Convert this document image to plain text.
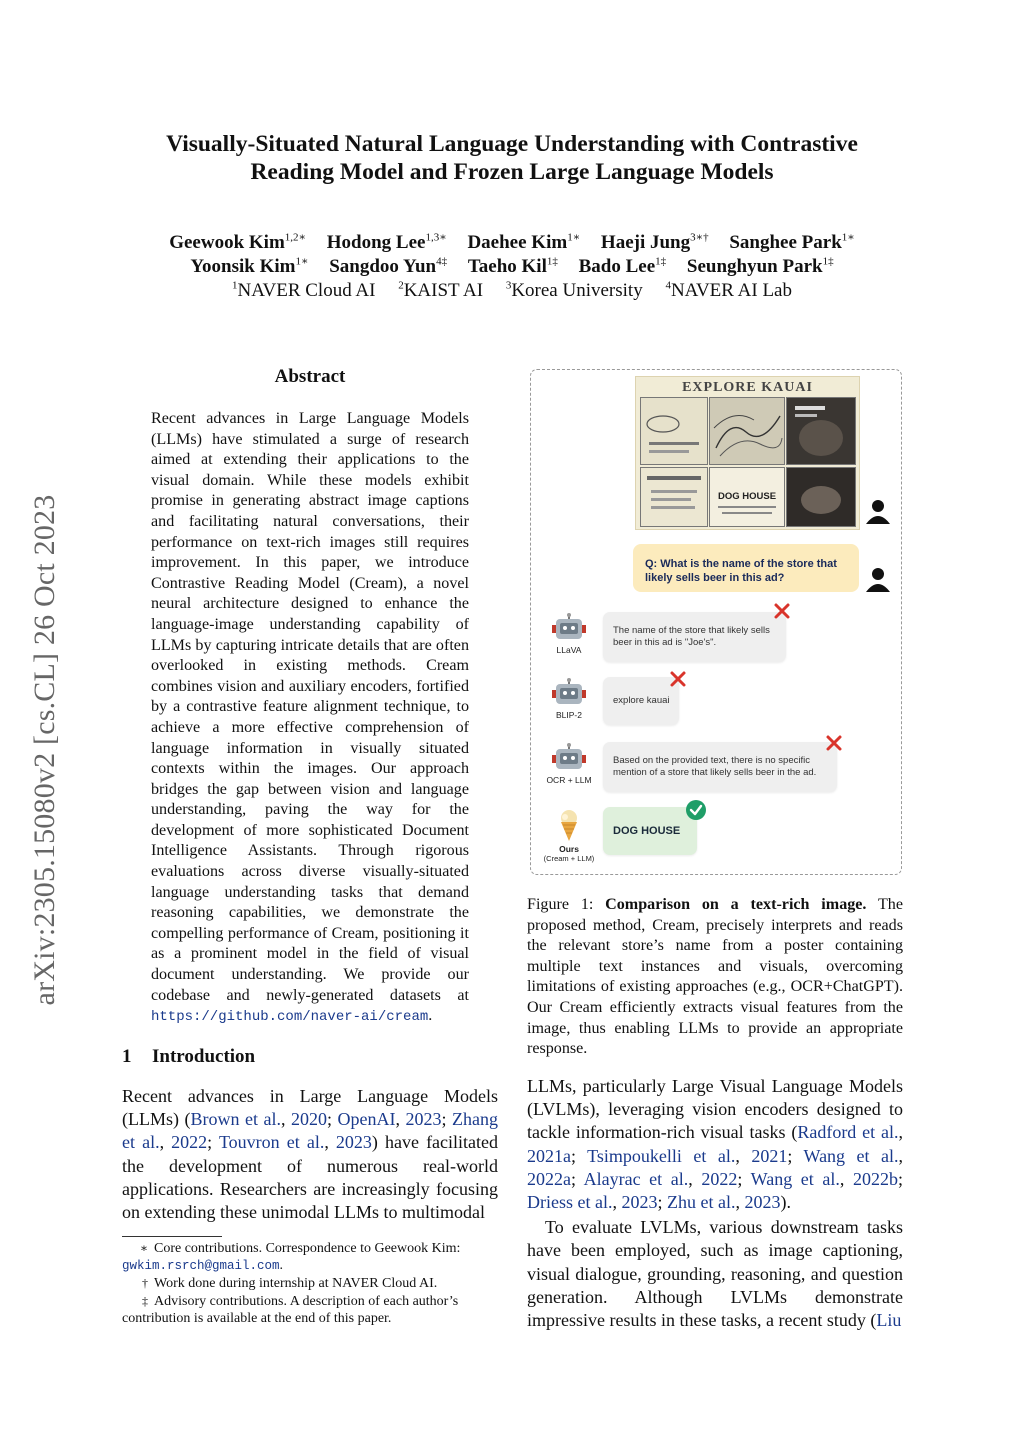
arXiv:2305.15080v2 [cs.CL] 26 Oct 2023
Visually-Situated Natural Language Understanding with Contrastive
Reading Model and Frozen Large Language Models
Geewook Kim$^{1,2∗}$ Hodong Lee$^{1,3∗}$ Daehee Kim$^{1∗}$ Haeji Jung$^{3∗\dagger}$ Sanghee Park$^{1∗}$
Yoonsik Kim$^{1∗}$ Sangdoo Yun$^{4\ddagger}$ Taeho Kil$^{1\ddagger}$ Bado Lee$^{1\ddagger}$ Seunghyun Park$^{1\ddagger}$
$^1$NAVER Cloud AI $^2$KAIST AI $^3$Korea University $^4$NAVER AI Lab
Abstract
Recent advances in Large Language Models (LLMs) have stimulated a surge of research aimed at extending their applications to the visual domain. While these models exhibit promise in generating abstract image captions and facilitating natural conversations, their performance on text-rich images still requires improvement. In this paper, we introduce Contrastive Reading Model (Cream), a novel neural architecture designed to enhance the language-image understanding capability of LLMs by capturing intricate details that are often overlooked in existing methods. Cream combines vision and auxiliary encoders, fortified by a contrastive feature alignment technique, to achieve a more effective comprehension of language information in visually situated contexts within the images. Our approach bridges the gap between vision and language understanding, paving the way for the development of more sophisticated Document Intelligence Assistants. Through rigorous evaluations across diverse visually-situated language understanding tasks that demand reasoning capabilities, we demonstrate the compelling performance of Cream, positioning it as a prominent model in the field of visual document understanding. We provide our codebase and newly-generated datasets at https://github.com/naver-ai/cream.
1 Introduction
Recent advances in Large Language Models (LLMs) (Brown et al., 2020; OpenAI, 2023; Zhang et al., 2022; Touvron et al., 2023) have facilitated the development of numerous real-world applications. Researchers are increasingly focusing on extending these unimodal LLMs to multimodal
∗ Core contributions. Correspondence to Geewook Kim: gwkim.rsrch@gmail.com.
† Work done during internship at NAVER Cloud AI.
‡ Advisory contributions. A description of each author’s contribution is available at the end of this paper.
EXPLORE KAUAI
DOG HOUSE
Q: What is the name of the store that likely sells beer in this ad?
LLaVA
The name of the store that likely sells beer in this ad is "Joe's".
BLIP-2
explore kauai
OCR + LLM
Based on the provided text, there is no specific mention of a store that likely sells beer in the ad.
Ours
(Cream + LLM)
DOG HOUSE
Figure 1: Comparison on a text-rich image. The proposed method, Cream, precisely interprets and reads the relevant store’s name from a poster containing multiple text instances and visuals, overcoming limitations of existing approaches (e.g., OCR+ChatGPT). Our Cream efficiently extracts visual features from the image, thus enabling LLMs to provide an appropriate response.

LLMs, particularly Large Visual Language Models (LVLMs), leveraging vision encoders designed to tackle information-rich visual tasks (Radford et al., 2021a; Tsimpoukelli et al., 2021; Wang et al., 2022a; Alayrac et al., 2022; Wang et al., 2022b; Driess et al., 2023; Zhu et al., 2023).

To evaluate LVLMs, various downstream tasks have been employed, such as image captioning, visual dialogue, grounding, reasoning, and question generation. Although LVLMs demonstrate impressive results in these tasks, a recent study (Liu
